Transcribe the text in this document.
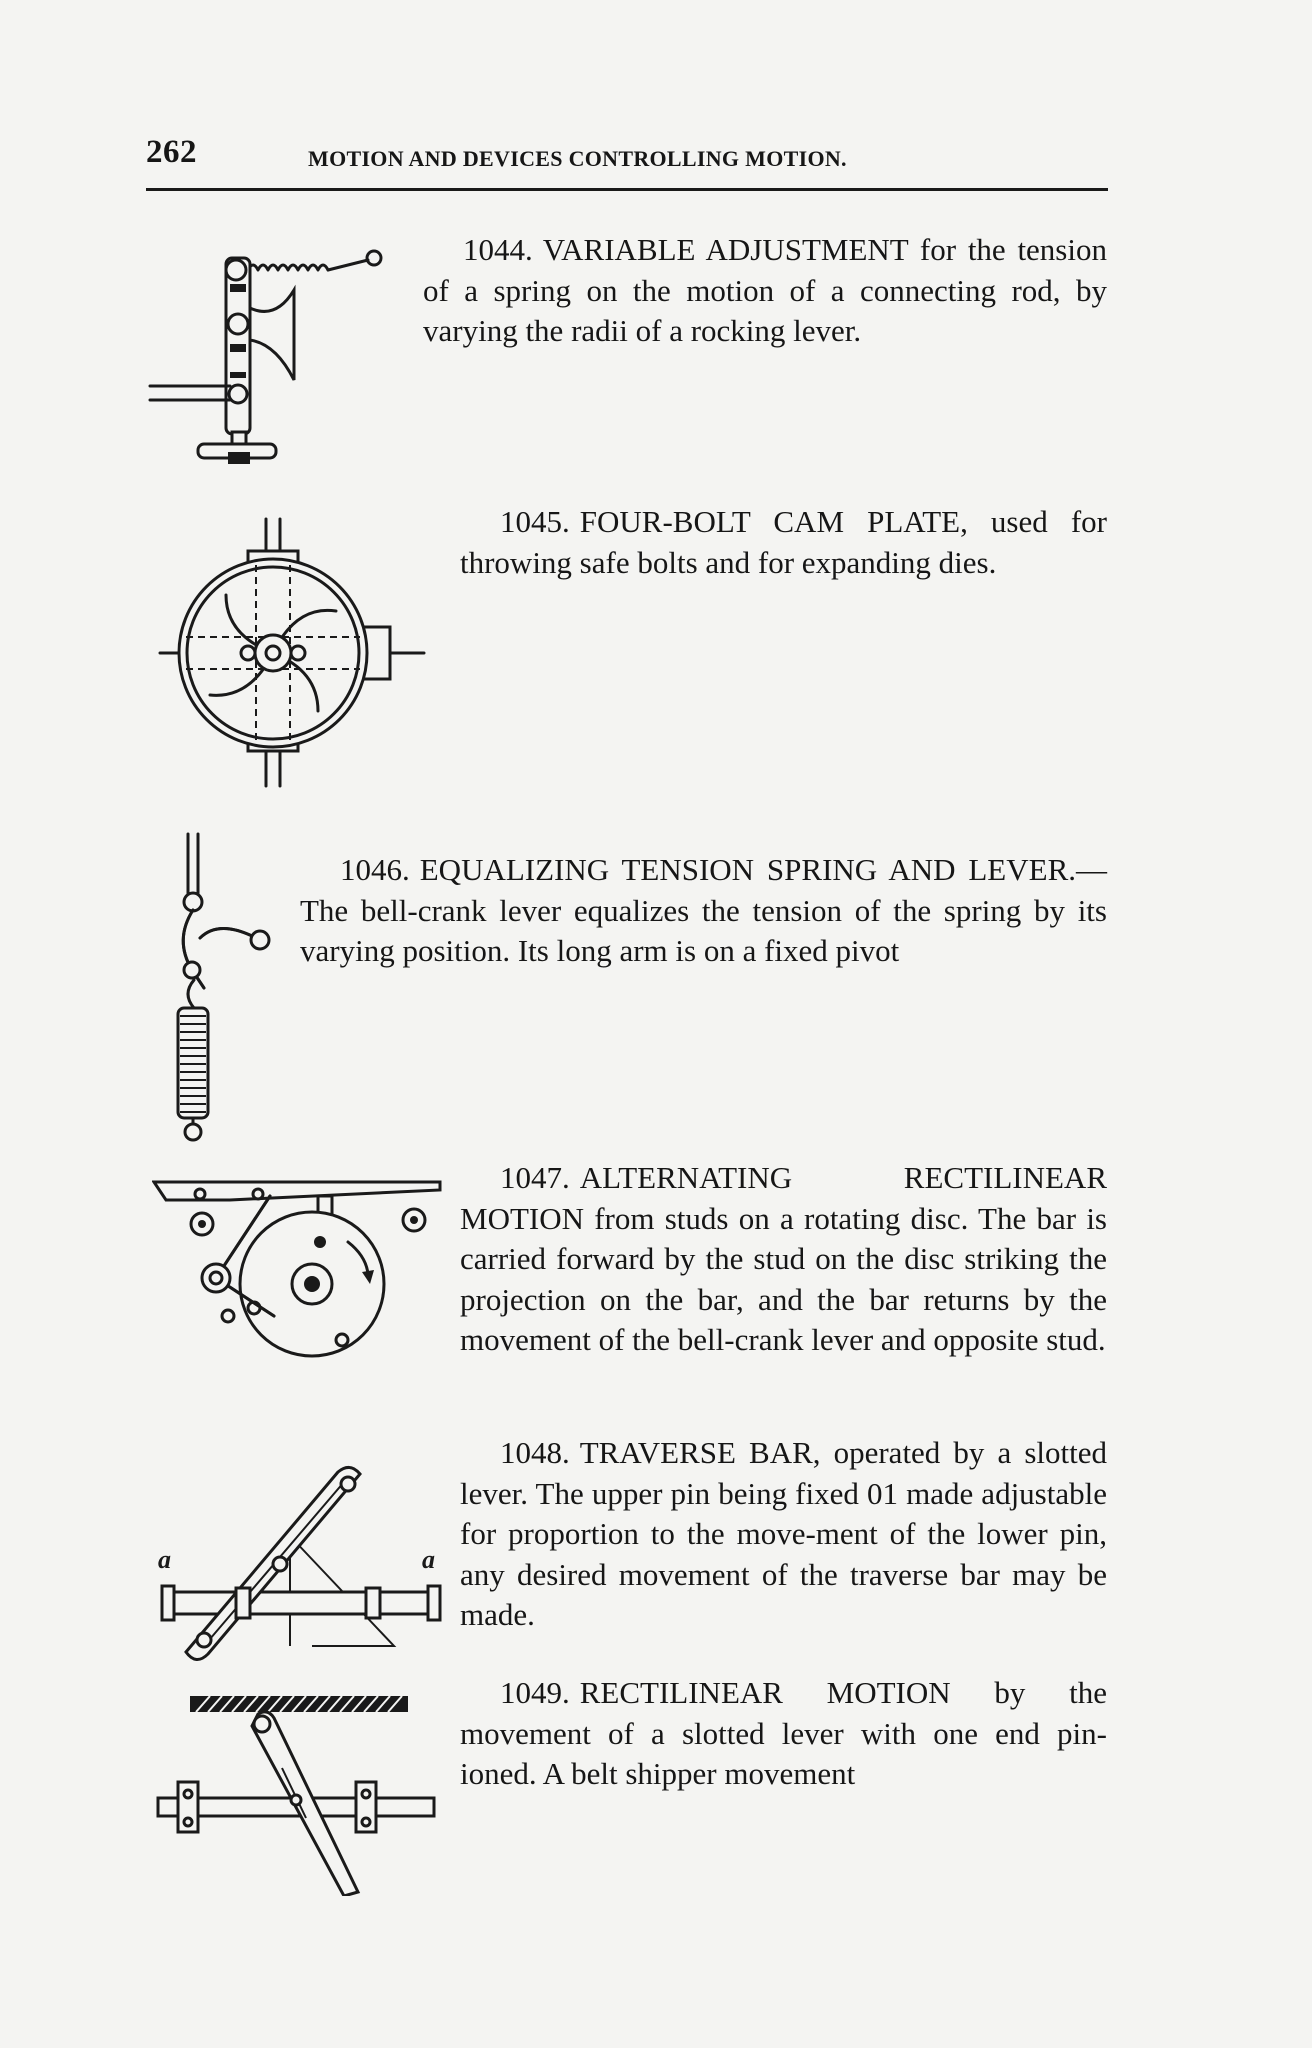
262	MOTION AND DEVICES CONTROLLING MOTION.

1044. VARIABLE ADJUSTMENT for the tension of a spring on the motion of a connecting rod, by varying the radii of a rocking lever.

1045. FOUR-BOLT CAM PLATE, used for throwing safe bolts and for expanding dies.

1046. EQUALIZING TENSION SPRING AND LEVER.—The bell-crank lever equalizes the tension of the spring by its varying position. Its long arm is on a fixed pivot

1047. ALTERNATING RECTILINEAR MOTION from studs on a rotating disc. The bar is carried forward by the stud on the disc striking the projection on the bar, and the bar returns by the movement of the bell-crank lever and opposite stud.

a	a

1048. TRAVERSE BAR, operated by a slotted lever. The upper pin being fixed 01 made adjustable for proportion to the move-ment of the lower pin, any desired movement of the traverse bar may be made.

1049. RECTILINEAR MOTION by the movement of a slotted lever with one end pin-ioned. A belt shipper movement
